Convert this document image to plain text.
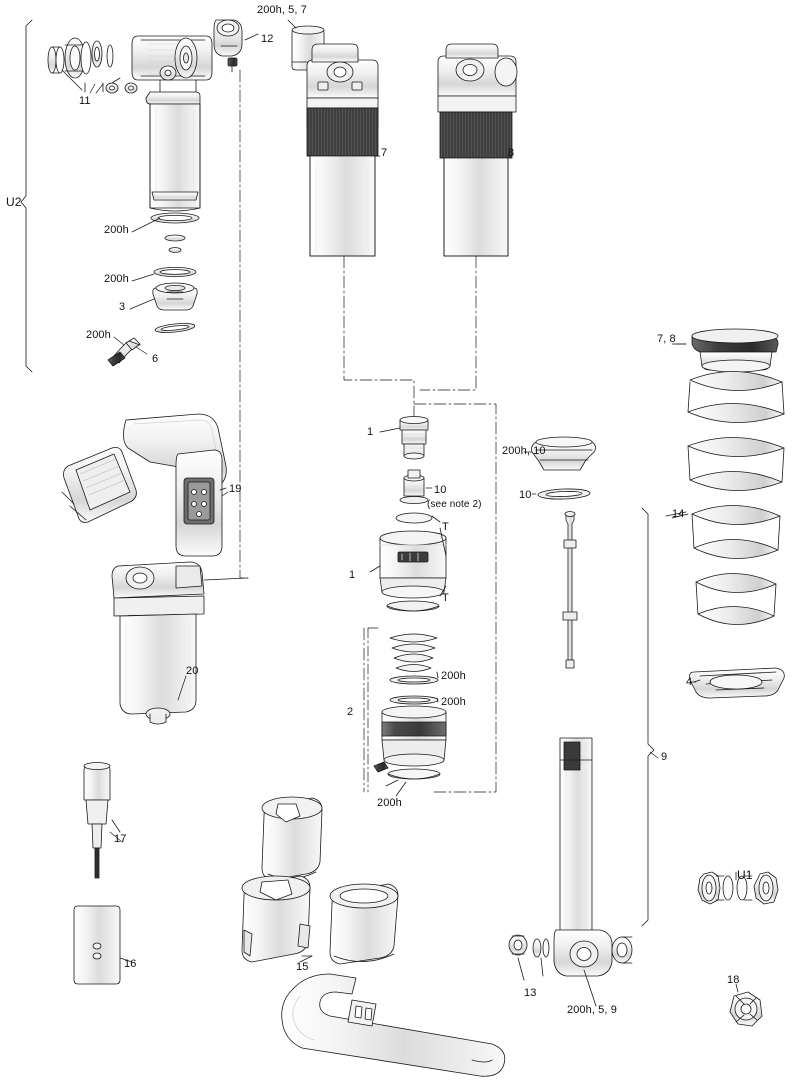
U2
11
12
200h, 5, 7
7	8
200h
200h
3
200h
6
19
20
1
10
(see note 2)
T
1
T
200h, 10
10
7, 8
14
4
2
200h
200h
200h
9
17
16	15
13
200h, 5, 9
U1
18
